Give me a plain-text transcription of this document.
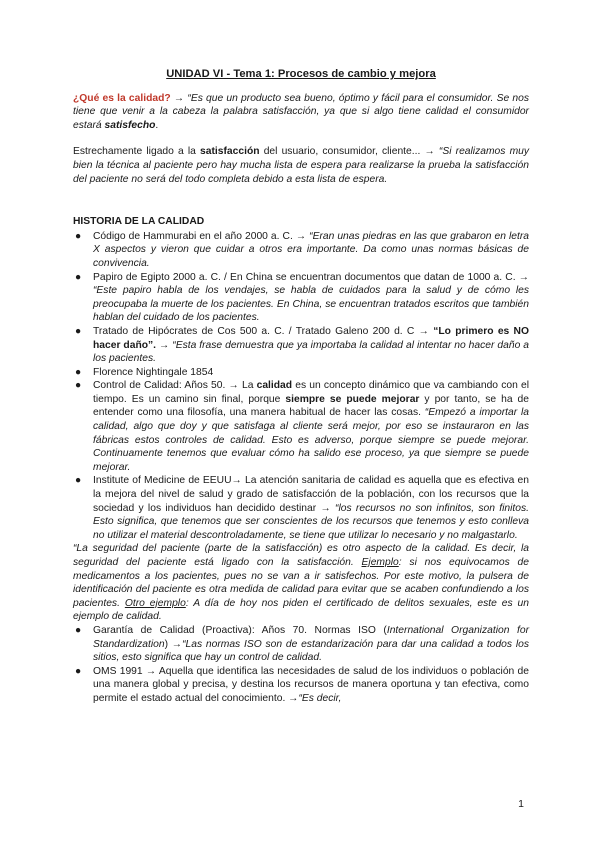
UNIDAD VI - Tema 1: Procesos de cambio y mejora

¿Qué es la calidad? → “Es que un producto sea bueno, óptimo y fácil para el consumidor. Se nos tiene que venir a la cabeza la palabra satisfacción, ya que si algo tiene calidad el consumidor estará satisfecho.

Estrechamente ligado a la satisfacción del usuario, consumidor, cliente... → “Si realizamos muy bien la técnica al paciente pero hay mucha lista de espera para realizarse la prueba la satisfacción del paciente no será del todo completa debido a esta lista de espera.

HISTORIA DE LA CALIDAD
● Código de Hammurabi en el año 2000 a. C. → “Eran unas piedras en las que grabaron en letra X aspectos y vieron que cuidar a otros era importante. Da como unas normas básicas de convivencia.
● Papiro de Egipto 2000 a. C. / En China se encuentran documentos que datan de 1000 a. C. → “Este papiro habla de los vendajes, se habla de cuidados para la salud y de cómo les preocupaba la muerte de los pacientes. En China, se encuentran tratados escritos que también hablan del cuidado de los pacientes.
● Tratado de Hipócrates de Cos 500 a. C. / Tratado Galeno 200 d. C → “Lo primero es NO hacer daño”. → “Esta frase demuestra que ya importaba la calidad al intentar no hacer daño a los pacientes.
● Florence Nightingale 1854
● Control de Calidad: Años 50. → La calidad es un concepto dinámico que va cambiando con el tiempo. Es un camino sin final, porque siempre se puede mejorar y por tanto, se ha de entender como una filosofía, una manera habitual de hacer las cosas. “Empezó a importar la calidad, algo que doy y que satisfaga al cliente será mejor, por eso se instauraron en las fábricas estos controles de calidad. Esto es adverso, porque siempre se puede mejorar. Continuamente tenemos que evaluar cómo ha salido ese proceso, ya que siempre se puede mejorar.
● Institute of Medicine de EEUU→ La atención sanitaria de calidad es aquella que es efectiva en la mejora del nivel de salud y grado de satisfacción de la población, con los recursos que la sociedad y los individuos han decidido destinar → “los recursos no son infinitos, son finitos. Esto significa, que tenemos que ser conscientes de los recursos que tenemos y esto conlleva no utilizar el material descontroladamente, se tiene que utilizar lo necesario y no malgastarlo.

“La seguridad del paciente (parte de la satisfacción) es otro aspecto de la calidad. Es decir, la seguridad del paciente está ligado con la satisfacción. Ejemplo: si nos equivocamos de medicamentos a los pacientes, pues no se van a ir satisfechos. Por este motivo, la pulsera de identificación del paciente es otra medida de calidad para evitar que se acaben confundiendo a los pacientes. Otro ejemplo: A día de hoy nos piden el certificado de delitos sexuales, este es un ejemplo de calidad.

● Garantía de Calidad (Proactiva): Años 70. Normas ISO (International Organization for Standardization) →“Las normas ISO son de estandarización para dar una calidad a todos los sitios, esto significa que hay un control de calidad.
● OMS 1991 → Aquella que identifica las necesidades de salud de los individuos o población de una manera global y precisa, y destina los recursos de manera oportuna y tan efectiva, como permite el estado actual del conocimiento. →“Es decir,
1
